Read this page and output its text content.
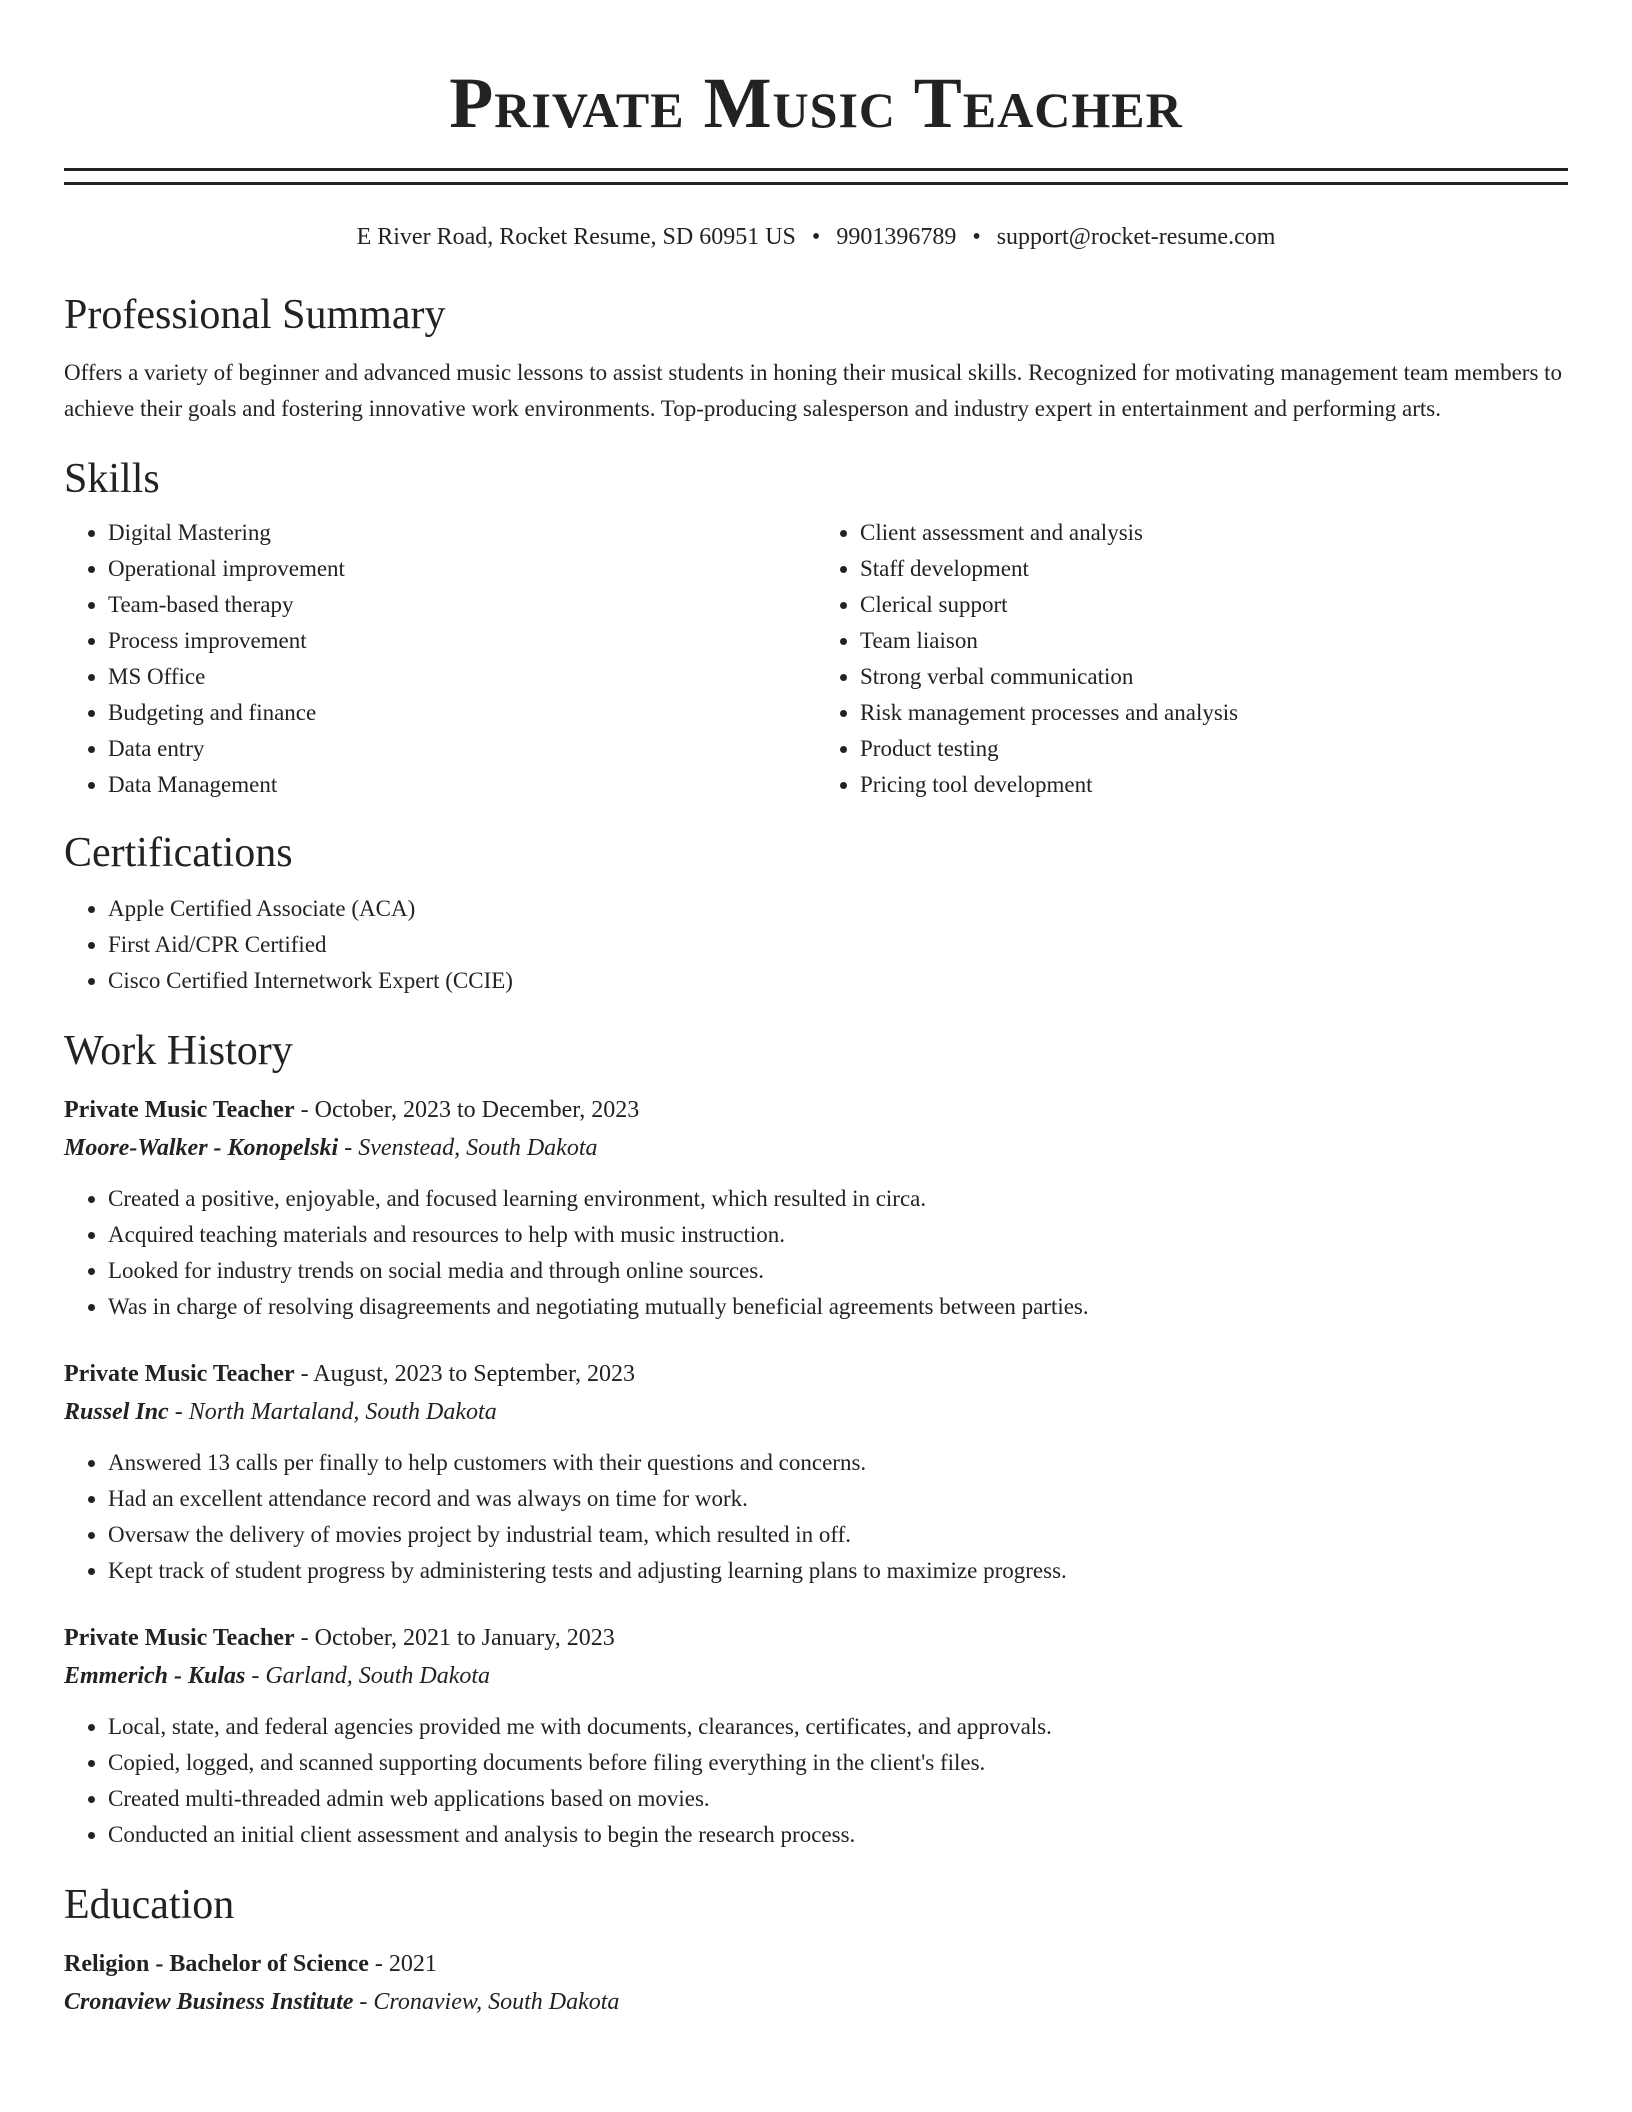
Private Music Teacher
E River Road, Rocket Resume, SD 60951 US • 9901396789 • support@rocket-resume.com
Professional Summary

Offers a variety of beginner and advanced music lessons to assist students in honing their musical skills. Recognized for motivating management team members to achieve their goals and fostering innovative work environments. Top-producing salesperson and industry expert in entertainment and performing arts.

Skills
• Digital Mastering
• Operational improvement
• Team-based therapy
• Process improvement
• MS Office
• Budgeting and finance
• Data entry
• Data Management
• Client assessment and analysis
• Staff development
• Clerical support
• Team liaison
• Strong verbal communication
• Risk management processes and analysis
• Product testing
• Pricing tool development
Certifications
• Apple Certified Associate (ACA)
• First Aid/CPR Certified
• Cisco Certified Internetwork Expert (CCIE)
Work History
Private Music Teacher - October, 2023 to December, 2023
Moore-Walker - Konopelski - Svenstead, South Dakota
• Created a positive, enjoyable, and focused learning environment, which resulted in circa.
• Acquired teaching materials and resources to help with music instruction.
• Looked for industry trends on social media and through online sources.
• Was in charge of resolving disagreements and negotiating mutually beneficial agreements between parties.
Private Music Teacher - August, 2023 to September, 2023
Russel Inc - North Martaland, South Dakota
• Answered 13 calls per finally to help customers with their questions and concerns.
• Had an excellent attendance record and was always on time for work.
• Oversaw the delivery of movies project by industrial team, which resulted in off.
• Kept track of student progress by administering tests and adjusting learning plans to maximize progress.
Private Music Teacher - October, 2021 to January, 2023
Emmerich - Kulas - Garland, South Dakota
• Local, state, and federal agencies provided me with documents, clearances, certificates, and approvals.
• Copied, logged, and scanned supporting documents before filing everything in the client's files.
• Created multi-threaded admin web applications based on movies.
• Conducted an initial client assessment and analysis to begin the research process.
Education
Religion - Bachelor of Science - 2021
Cronaview Business Institute - Cronaview, South Dakota
